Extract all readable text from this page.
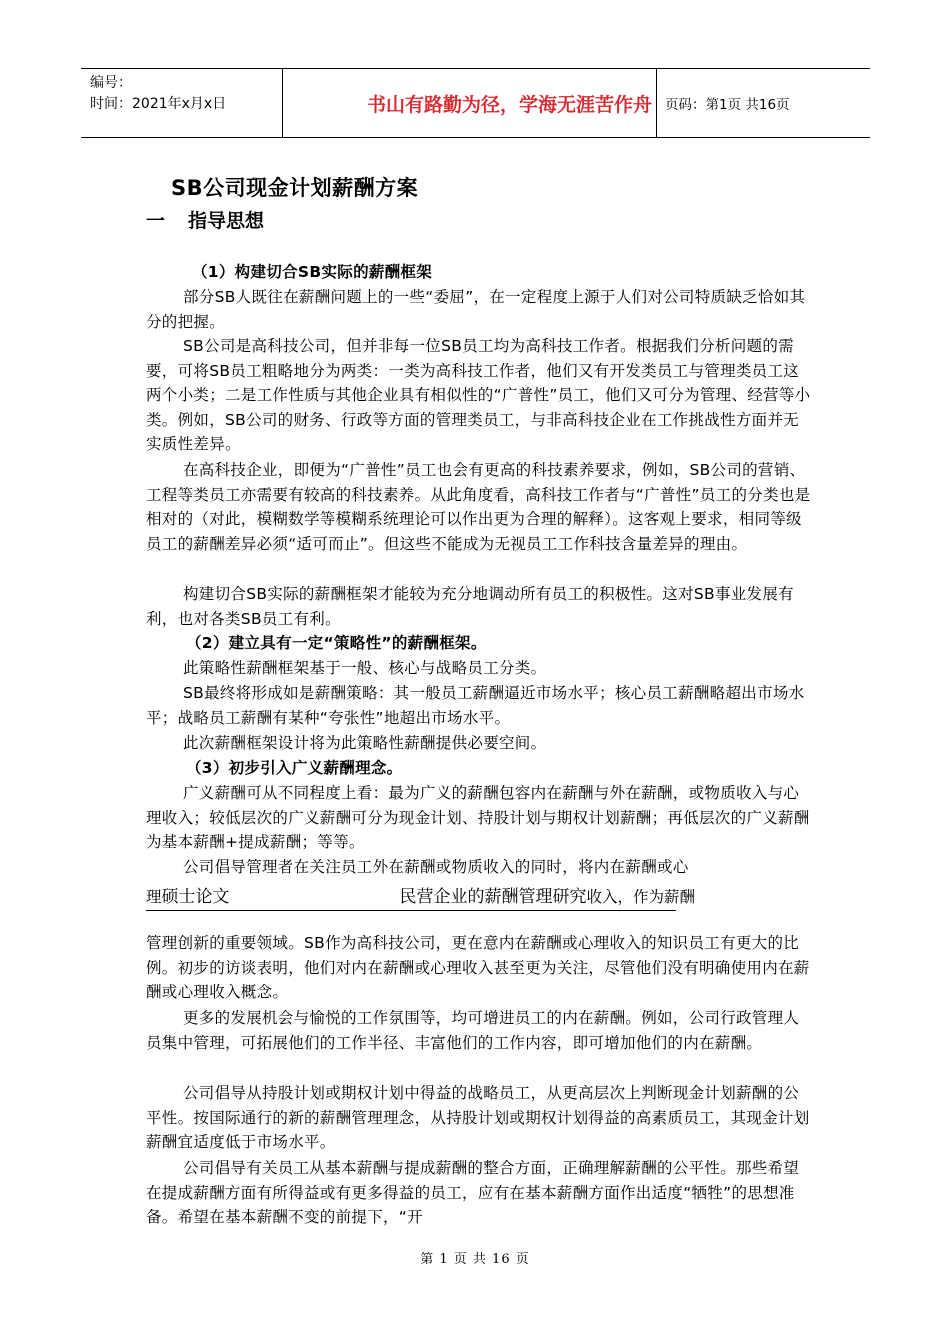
编号：
时间：2021年x月x日	书山有路勤为径，学海无涯苦作舟 页码：第1页 共16页
SB公司现金计划薪酬方案
一 指导思想
（1）构建切合SB实际的薪酬框架
部分SB人既往在薪酬问题上的一些“委屈”，在一定程度上源于人们对公司特质缺乏恰如其分的把握。
SB公司是高科技公司，但并非每一位SB员工均为高科技工作者。根据我们分析问题的需要，可将SB员工粗略地分为两类：一类为高科技工作者，他们又有开发类员工与管理类员工这两个小类；二是工作性质与其他企业具有相似性的“广普性”员工，他们又可分为管理、经营等小类。例如，SB公司的财务、行政等方面的管理类员工，与非高科技企业在工作挑战性方面并无实质性差异。
在高科技企业，即便为“广普性”员工也会有更高的科技素养要求，例如，SB公司的营销、工程等类员工亦需要有较高的科技素养。从此角度看，高科技工作者与“广普性”员工的分类也是相对的（对此，模糊数学等模糊系统理论可以作出更为合理的解释）。这客观上要求，相同等级员工的薪酬差异必须“适可而止”。但这些不能成为无视员工工作科技含量差异的理由。
构建切合SB实际的薪酬框架才能较为充分地调动所有员工的积极性。这对SB事业发展有利，也对各类SB员工有利。
（2）建立具有一定“策略性”的薪酬框架。
此策略性薪酬框架基于一般、核心与战略员工分类。
SB最终将形成如是薪酬策略：其一般员工薪酬逼近市场水平；核心员工薪酬略超出市场水平；战略员工薪酬有某种“夸张性”地超出市场水平。
此次薪酬框架设计将为此策略性薪酬提供必要空间。
（3）初步引入广义薪酬理念。
广义薪酬可从不同程度上看：最为广义的薪酬包容内在薪酬与外在薪酬，或物质收入与心理收入；较低层次的广义薪酬可分为现金计划、持股计划与期权计划薪酬；再低层次的广义薪酬为基本薪酬+提成薪酬；等等。
公司倡导管理者在关注员工外在薪酬或物质收入的同时，将内在薪酬或心
理硕士论文	民营企业的薪酬管理研究收入，作为薪酬
管理创新的重要领域。SB作为高科技公司，更在意内在薪酬或心理收入的知识员工有更大的比例。初步的访谈表明，他们对内在薪酬或心理收入甚至更为关注，尽管他们没有明确使用内在薪酬或心理收入概念。
更多的发展机会与愉悦的工作氛围等，均可增进员工的内在薪酬。例如，公司行政管理人员集中管理，可拓展他们的工作半径、丰富他们的工作内容，即可增加他们的内在薪酬。
公司倡导从持股计划或期权计划中得益的战略员工，从更高层次上判断现金计划薪酬的公平性。按国际通行的新的薪酬管理理念，从持股计划或期权计划得益的高素质员工，其现金计划薪酬宜适度低于市场水平。
公司倡导有关员工从基本薪酬与提成薪酬的整合方面，正确理解薪酬的公平性。那些希望在提成薪酬方面有所得益或有更多得益的员工，应有在基本薪酬方面作出适度“牺牲”的思想准备。希望在基本薪酬不变的前提下，“开
第 1 页 共 16 页
